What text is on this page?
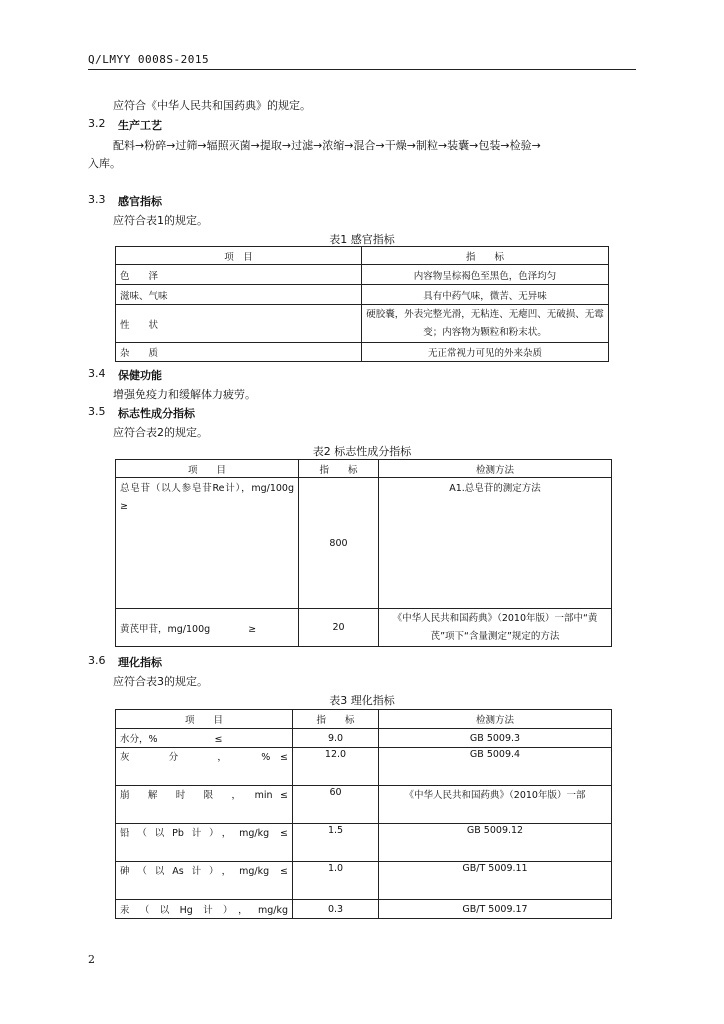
Q/LMYY 0008S-2015
应符合《中华人民共和国药典》的规定。
3.2 生产工艺
配料→粉碎→过筛→辐照灭菌→提取→过滤→浓缩→混合→干燥→制粒→装囊→包装→检验→
入库。
3.3 感官指标
应符合表1的规定。
表1 感官指标
项　目	指　　标
色　　泽	内容物呈棕褐色至黑色，色泽均匀
滋味、气味	具有中药气味，微苦、无异味
性　　状	硬胶囊，外表完整光滑，无粘连、无瘪凹、无破损、无霉变；内容物为颗粒和粉末状。
杂　　质	无正常视力可见的外来杂质
3.4 保健功能
增强免疫力和缓解体力疲劳。
3.5 标志性成分指标
应符合表2的规定。
表2 标志性成分指标
项　　目	指　　标	检测方法
总皂苷（以人参皂苷Re计），mg/100g　≥	800	A1.总皂苷的测定方法
黄芪甲苷，mg/100g　　　　≥	20	《中华人民共和国药典》（2010年版）一部中“黄芪”项下“含量测定”规定的方法
3.6 理化指标
应符合表3的规定。
表3 理化指标
项　　目	指　　标	检测方法
水分，%　　　　　　≤	9.0	GB 5009.3
灰　　分　　，　　% ≤	12.0	GB 5009.4
崩　解　时　限　，　min ≤	60	《中华人民共和国药典》（2010年版）一部
铅（以Pb计），mg/kg ≤	1.5	GB 5009.12
砷（以As计），mg/kg ≤	1.0	GB/T 5009.11
汞（以Hg计），mg/kg	0.3	GB/T 5009.17
2
